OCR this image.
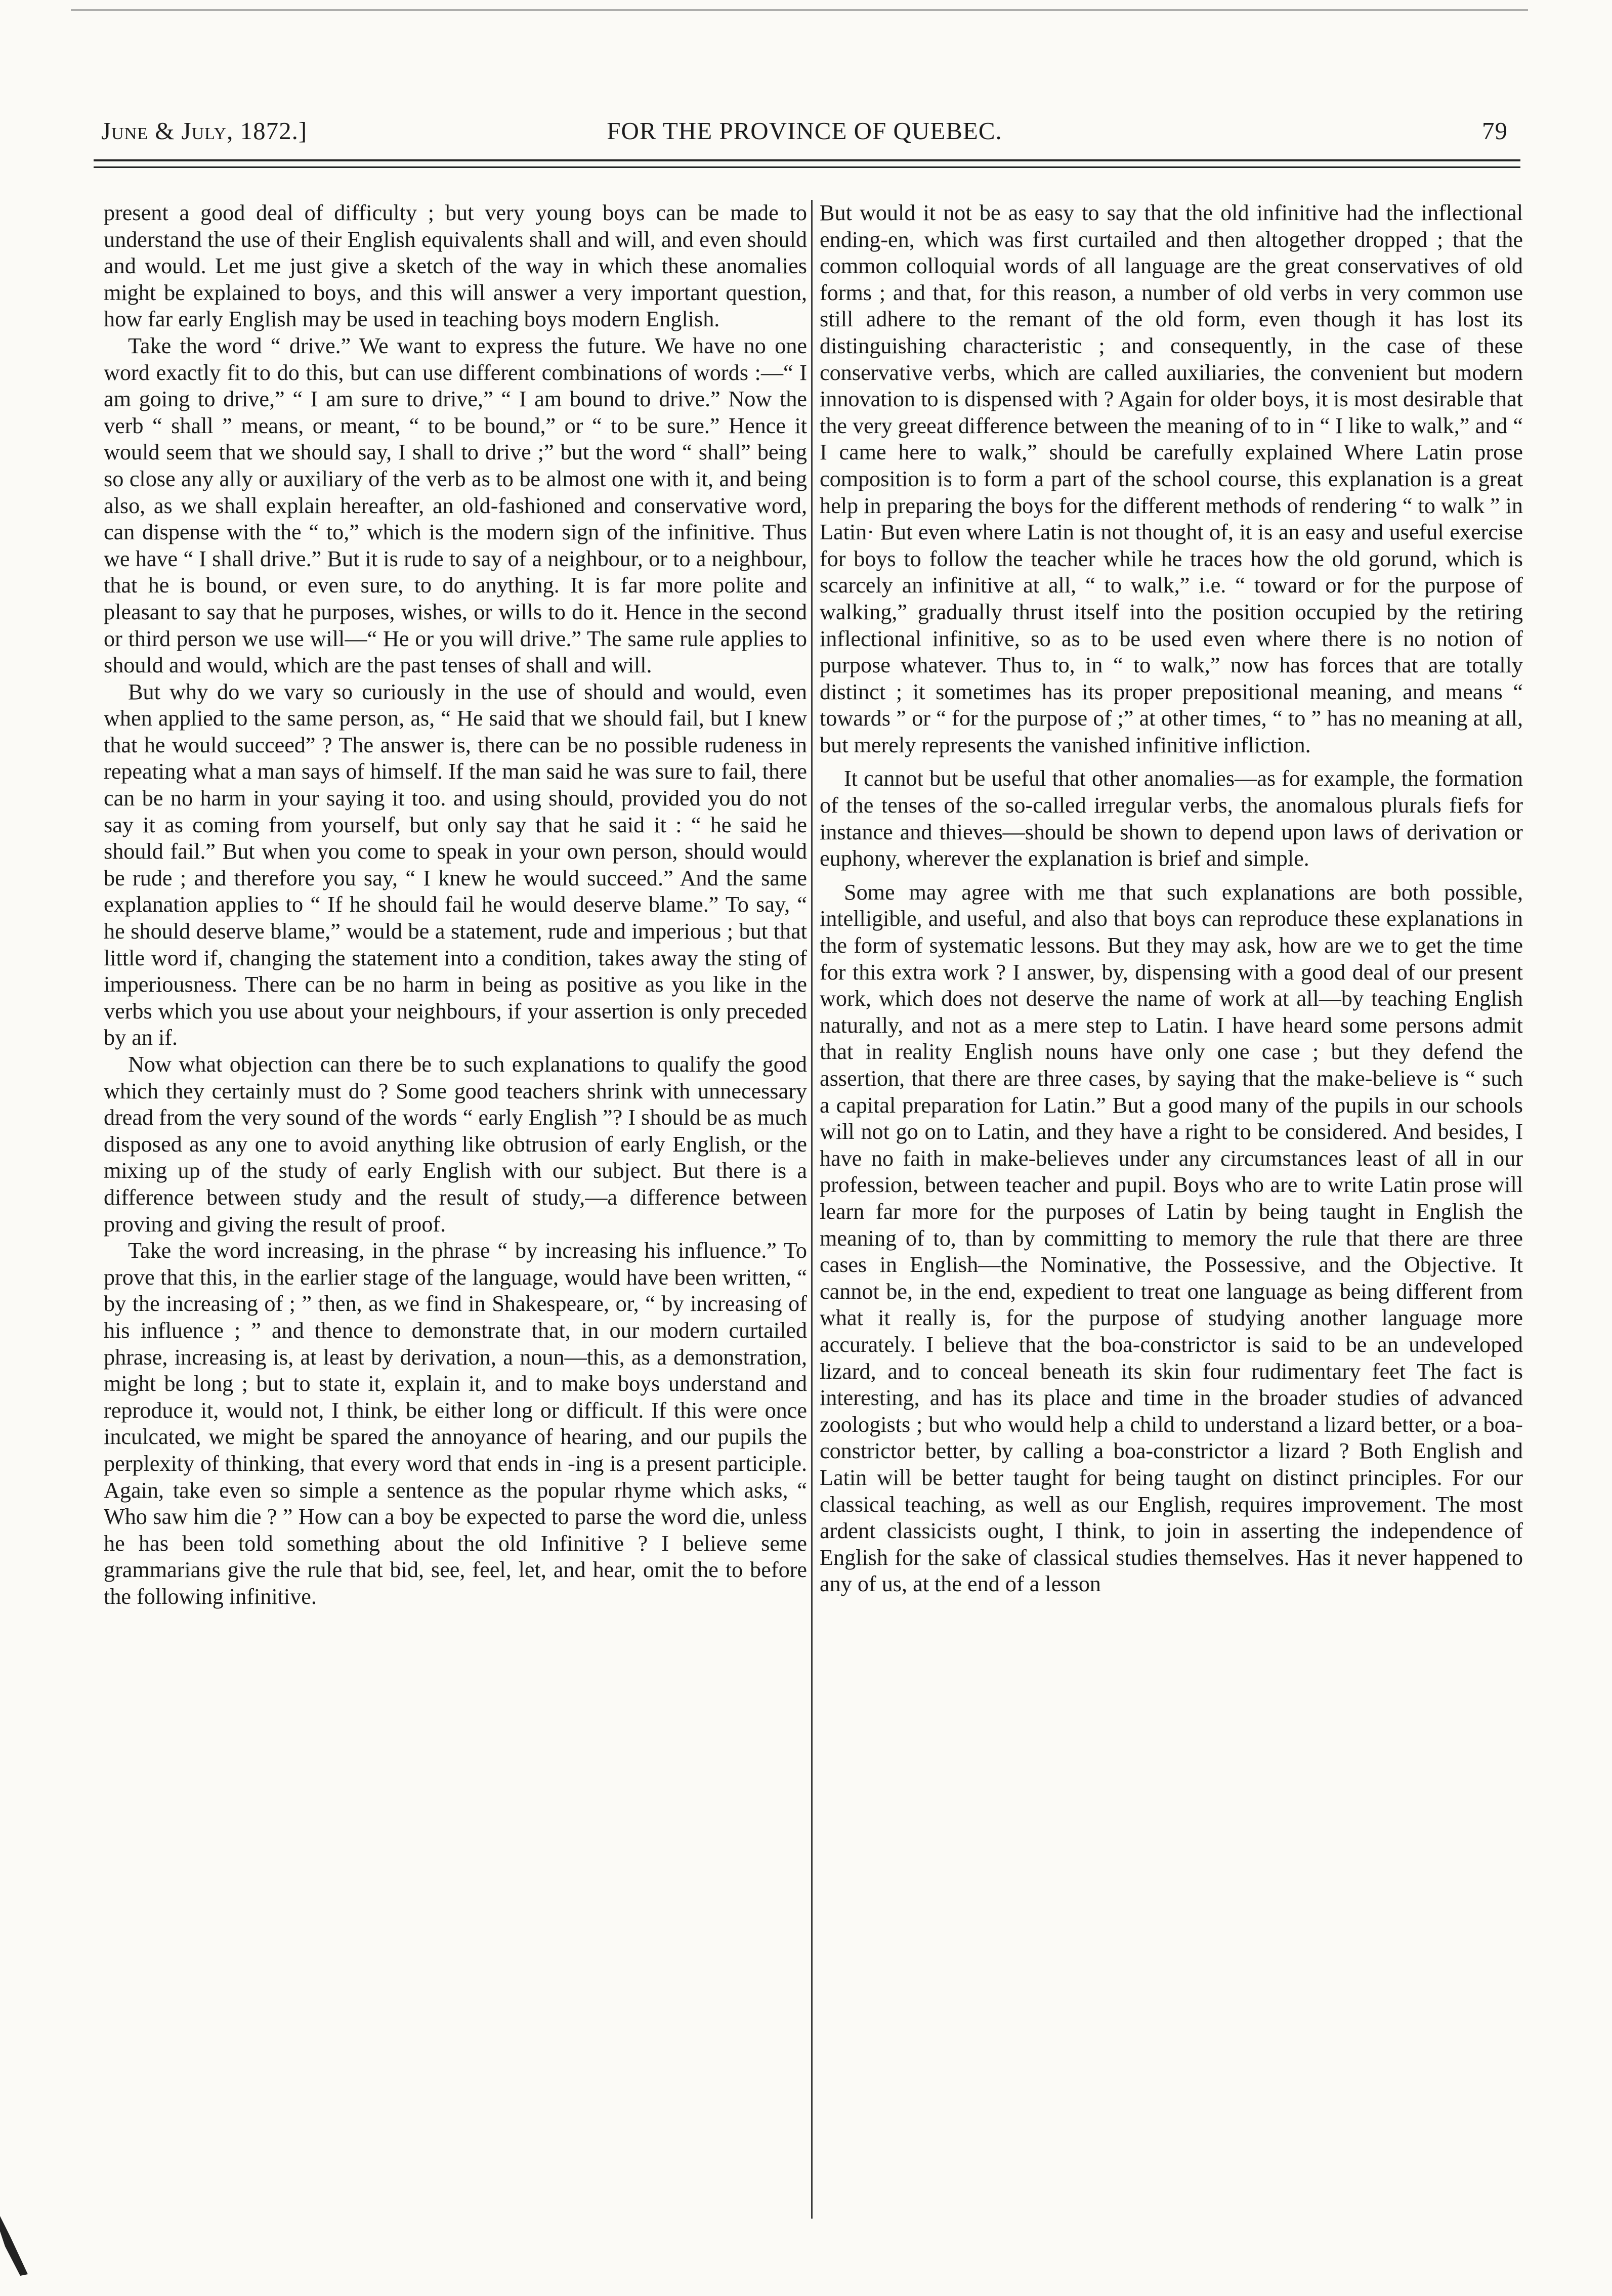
June & July, 1872.]	FOR THE PROVINCE OF QUEBEC.	79

present a good deal of difficulty ; but very young boys can be made to understand the use of their English equivalents shall and will, and even should and would. Let me just give a sketch of the way in which these anomalies might be explained to boys, and this will answer a very important question, how far early English may be used in teaching boys modern English.

Take the word “ drive.” We want to express the future. We have no one word exactly fit to do this, but can use different combinations of words :—“ I am going to drive,” “ I am sure to drive,” “ I am bound to drive.” Now the verb “ shall ” means, or meant, “ to be bound,” or “ to be sure.” Hence it would seem that we should say, I shall to drive ;” but the word “ shall” being so close any ally or auxiliary of the verb as to be almost one with it, and being also, as we shall explain hereafter, an old-fashioned and conservative word, can dispense with the “ to,” which is the modern sign of the infinitive. Thus we have “ I shall drive.” But it is rude to say of a neighbour, or to a neighbour, that he is bound, or even sure, to do anything. It is far more polite and pleasant to say that he purposes, wishes, or wills to do it. Hence in the second or third person we use will—“ He or you will drive.” The same rule applies to should and would, which are the past tenses of shall and will.

But why do we vary so curiously in the use of should and would, even when applied to the same person, as, “ He said that we should fail, but I knew that he would succeed” ? The answer is, there can be no possible rudeness in repeating what a man says of himself. If the man said he was sure to fail, there can be no harm in your saying it too. and using should, provided you do not say it as coming from yourself, but only say that he said it : “ he said he should fail.” But when you come to speak in your own person, should would be rude ; and therefore you say, “ I knew he would succeed.” And the same explanation applies to “ If he should fail he would deserve blame.” To say, “ he should deserve blame,” would be a statement, rude and imperious ; but that little word if, changing the statement into a condition, takes away the sting of imperiousness. There can be no harm in being as positive as you like in the verbs which you use about your neighbours, if your assertion is only preceded by an if.

Now what objection can there be to such explanations to qualify the good which they certainly must do ? Some good teachers shrink with unnecessary dread from the very sound of the words “ early English ”? I should be as much disposed as any one to avoid anything like obtrusion of early English, or the mixing up of the study of early English with our subject. But there is a difference between study and the result of study,—a difference between proving and giving the result of proof.

Take the word increasing, in the phrase “ by increasing his influence.” To prove that this, in the earlier stage of the language, would have been written, “ by the increasing of ; ” then, as we find in Shakespeare, or, “ by increasing of his influence ; ” and thence to demonstrate that, in our modern curtailed phrase, increasing is, at least by derivation, a noun—this, as a demonstration, might be long ; but to state it, explain it, and to make boys understand and reproduce it, would not, I think, be either long or difficult. If this were once inculcated, we might be spared the annoyance of hearing, and our pupils the perplexity of thinking, that every word that ends in -ing is a present participle. Again, take even so simple a sentence as the popular rhyme which asks, “ Who saw him die ? ” How can a boy be expected to parse the word die, unless he has been told something about the old Infinitive ? I believe seme grammarians give the rule that bid, see, feel, let, and hear, omit the to before the following infinitive.

But would it not be as easy to say that the old infinitive had the inflectional ending-en, which was first curtailed and then altogether dropped ; that the common colloquial words of all language are the great conservatives of old forms ; and that, for this reason, a number of old verbs in very common use still adhere to the remant of the old form, even though it has lost its distinguishing characteristic ; and consequently, in the case of these conservative verbs, which are called auxiliaries, the convenient but modern innovation to is dispensed with ? Again for older boys, it is most desirable that the very greeat difference between the meaning of to in “ I like to walk,” and “ I came here to walk,” should be carefully explained Where Latin prose composition is to form a part of the school course, this explanation is a great help in preparing the boys for the different methods of rendering “ to walk ” in Latin· But even where Latin is not thought of, it is an easy and useful exercise for boys to follow the teacher while he traces how the old gorund, which is scarcely an infinitive at all, “ to walk,” i.e. “ toward or for the purpose of walking,” gradually thrust itself into the position occupied by the retiring inflectional infinitive, so as to be used even where there is no notion of purpose whatever. Thus to, in “ to walk,” now has forces that are totally distinct ; it sometimes has its proper prepositional meaning, and means “ towards ” or “ for the purpose of ;” at other times, “ to ” has no meaning at all, but merely represents the vanished infinitive infliction.

It cannot but be useful that other anomalies—as for example, the formation of the tenses of the so-called irregular verbs, the anomalous plurals fiefs for instance and thieves—should be shown to depend upon laws of derivation or euphony, wherever the explanation is brief and simple.

Some may agree with me that such explanations are both possible, intelligible, and useful, and also that boys can reproduce these explanations in the form of systematic lessons. But they may ask, how are we to get the time for this extra work ? I answer, by, dispensing with a good deal of our present work, which does not deserve the name of work at all—by teaching English naturally, and not as a mere step to Latin. I have heard some persons admit that in reality English nouns have only one case ; but they defend the assertion, that there are three cases, by saying that the make-believe is “ such a capital preparation for Latin.” But a good many of the pupils in our schools will not go on to Latin, and they have a right to be considered. And besides, I have no faith in make-believes under any circumstances least of all in our profession, between teacher and pupil. Boys who are to write Latin prose will learn far more for the purposes of Latin by being taught in English the meaning of to, than by committing to memory the rule that there are three cases in English—the Nominative, the Possessive, and the Objective. It cannot be, in the end, expedient to treat one language as being different from what it really is, for the purpose of studying another language more accurately. I believe that the boa-constrictor is said to be an undeveloped lizard, and to conceal beneath its skin four rudimentary feet The fact is interesting, and has its place and time in the broader studies of advanced zoologists ; but who would help a child to understand a lizard better, or a boa-constrictor better, by calling a boa-constrictor a lizard ? Both English and Latin will be better taught for being taught on distinct principles. For our classical teaching, as well as our English, requires improvement. The most ardent classicists ought, I think, to join in asserting the independence of English for the sake of classical studies themselves. Has it never happened to any of us, at the end of a lesson
